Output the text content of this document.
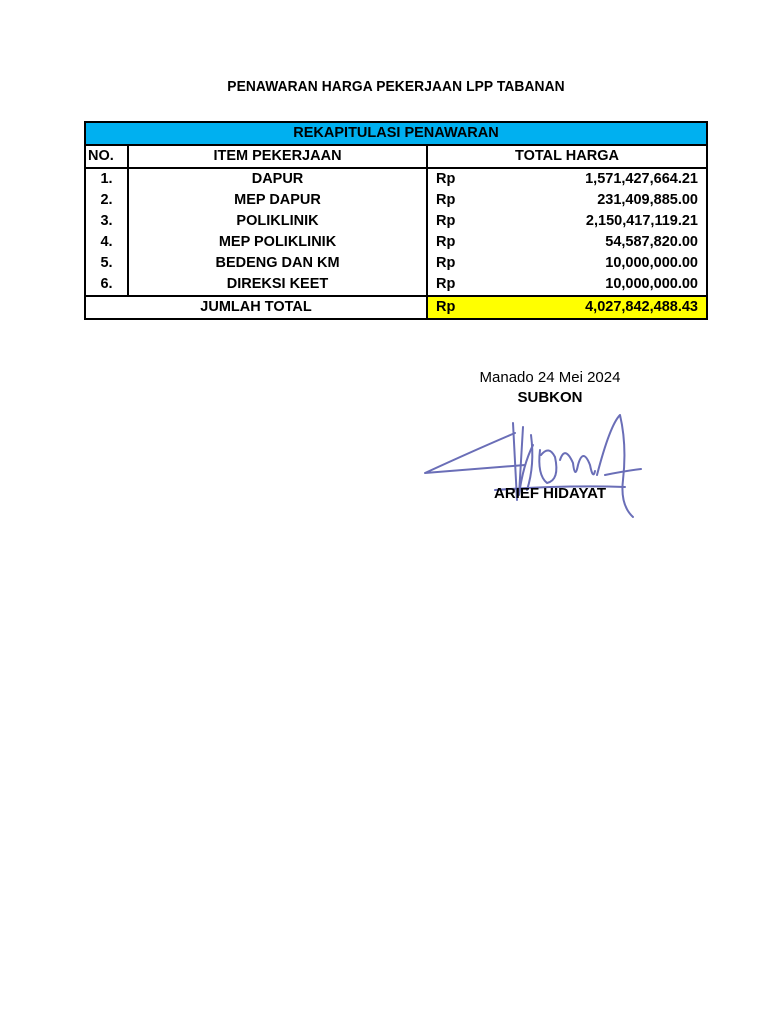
PENAWARAN HARGA PEKERJAAN LPP TABANAN
REKAPITULASI PENAWARAN			
NO.	ITEM PEKERJAAN	TOTAL HARGA	
1.	DAPUR	Rp	1,571,427,664.21
2.	MEP DAPUR	Rp	231,409,885.00
3.	POLIKLINIK	Rp	2,150,417,119.21
4.	MEP POLIKLINIK	Rp	54,587,820.00
5.	BEDENG DAN KM	Rp	10,000,000.00
6.	DIREKSI KEET	Rp	10,000,000.00
JUMLAH TOTAL		Rp	4,027,842,488.43
Manado 24 Mei 2024
SUBKON
ARIEF HIDAYAT
